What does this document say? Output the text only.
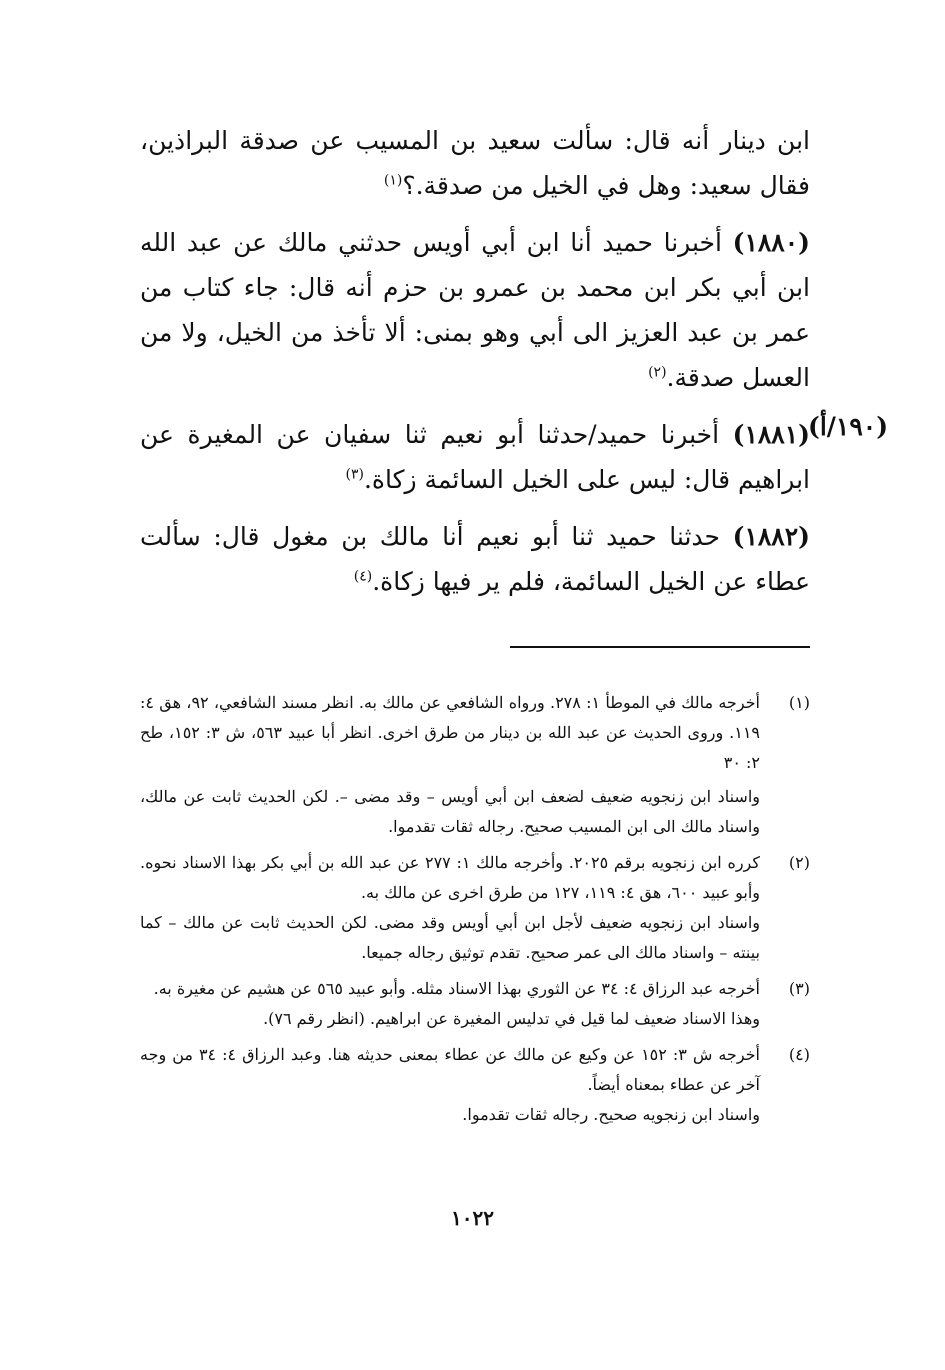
ابن دينار أنه قال: سألت سعيد بن المسيب عن صدقة البراذين، فقال سعيد: وهل في الخيل من صدقة.؟$^{(١)}$

(١٨٨٠) أخبرنا حميد أنا ابن أبي أويس حدثني مالك عن عبد الله ابن أبي بكر ابن محمد بن عمرو بن حزم أنه قال: جاء كتاب من عمر بن عبد العزيز الى أبي وهو بمنى: ألا تأخذ من الخيل، ولا من العسل صدقة.$^{(٢)}$

(١٨٨١) أخبرنا حميد/حدثنا أبو نعيم ثنا سفيان عن المغيرة عن ابراهيم قال: ليس على الخيل السائمة زكاة.$^{(٣)}$

(١٨٨٢) حدثنا حميد ثنا أبو نعيم أنا مالك بن مغول قال: سألت عطاء عن الخيل السائمة، فلم ير فيها زكاة.$^{(٤)}$

(١٩٠/أ)
(١)

أخرجه مالك في الموطأ ١: ٢٧٨. ورواه الشافعي عن مالك به. انظر مسند الشافعي، ٩٢، هق ٤: ١١٩. وروى الحديث عن عبد الله بن دينار من طرق اخرى. انظر أبا عبيد ٥٦٣، ش ٣: ١٥٢، طح ٢: ٣٠

واسناد ابن زنجويه ضعيف لضعف ابن أبي أويس – وقد مضى –. لكن الحديث ثابت عن مالك، واسناد مالك الى ابن المسيب صحيح. رجاله ثقات تقدموا.

(٢)

كرره ابن زنجويه برقم ٢٠٢٥. وأخرجه مالك ١: ٢٧٧ عن عبد الله بن أبي بكر بهذا الاسناد نحوه. وأبو عبيد ٦٠٠، هق ٤: ١١٩، ١٢٧ من طرق اخرى عن مالك به.

واسناد ابن زنجويه ضعيف لأجل ابن أبي أويس وقد مضى. لكن الحديث ثابت عن مالك – كما بينته – واسناد مالك الى عمر صحيح. تقدم توثيق رجاله جميعا.

(٣)

أخرجه عبد الرزاق ٤: ٣٤ عن الثوري بهذا الاسناد مثله. وأبو عبيد ٥٦٥ عن هشيم عن مغيرة به.

وهذا الاسناد ضعيف لما قيل في تدليس المغيرة عن ابراهيم. (انظر رقم ٧٦).

(٤)

أخرجه ش ٣: ١٥٢ عن وكيع عن مالك عن عطاء بمعنى حديثه هنا. وعبد الرزاق ٤: ٣٤ من وجه آخر عن عطاء بمعناه أيضاً.

واسناد ابن زنجويه صحيح. رجاله ثقات تقدموا.

١٠٢٢
